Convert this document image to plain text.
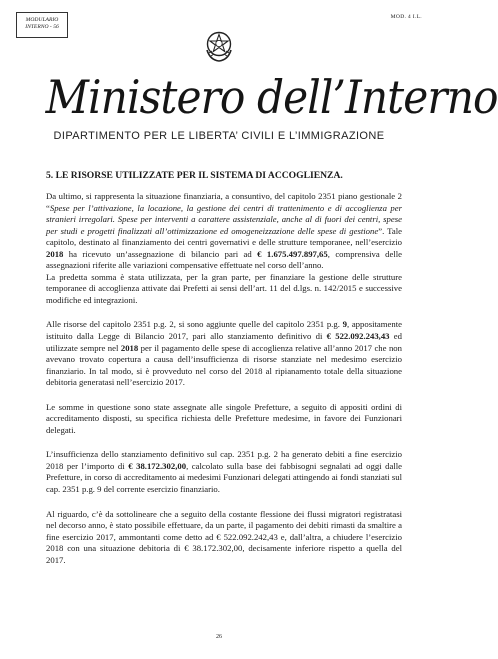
MODULARIO
INTERNO - 56
MOD. 4 I.L.
Ministero dell’Interno
DIPARTIMENTO PER LE LIBERTA’ CIVILI E L’IMMIGRAZIONE
5. LE RISORSE UTILIZZATE PER IL SISTEMA DI ACCOGLIENZA.

Da ultimo, si rappresenta la situazione finanziaria, a consuntivo, del capitolo 2351 piano gestionale 2 “Spese per l’attivazione, la locazione, la gestione dei centri di trattenimento e di accoglienza per stranieri irregolari. Spese per interventi a carattere assistenziale, anche al di fuori dei centri, spese per studi e progetti finalizzati all’ottimizzazione ed omogeneizzazione delle spese di gestione”. Tale capitolo, destinato al finanziamento dei centri governativi e delle strutture temporanee, nell’esercizio 2018 ha ricevuto un’assegnazione di bilancio pari ad € 1.675.497.897,65, comprensiva delle assegnazioni riferite alle variazioni compensative effettuate nel corso dell’anno.

La predetta somma è stata utilizzata, per la gran parte, per finanziare la gestione delle strutture temporanee di accoglienza attivate dai Prefetti ai sensi dell’art. 11 del d.lgs. n. 142/2015 e successive modifiche ed integrazioni.

Alle risorse del capitolo 2351 p.g. 2, si sono aggiunte quelle del capitolo 2351 p.g. 9, appositamente istituito dalla Legge di Bilancio 2017, pari allo stanziamento definitivo di € 522.092.243,43 ed utilizzate sempre nel 2018 per il pagamento delle spese di accoglienza relative all’anno 2017 che non avevano trovato copertura a causa dell’insufficienza di risorse stanziate nel medesimo esercizio finanziario. In tal modo, si è provveduto nel corso del 2018 al ripianamento totale della situazione debitoria generatasi nell’esercizio 2017.

Le somme in questione sono state assegnate alle singole Prefetture, a seguito di appositi ordini di accreditamento disposti, su specifica richiesta delle Prefetture medesime, in favore dei Funzionari delegati.

L’insufficienza dello stanziamento definitivo sul cap. 2351 p.g. 2 ha generato debiti a fine esercizio 2018 per l’importo di € 38.172.302,00, calcolato sulla base dei fabbisogni segnalati ad oggi dalle Prefetture, in corso di accreditamento ai medesimi Funzionari delegati attingendo ai fondi stanziati sul cap. 2351 p.g. 9 del corrente esercizio finanziario.

Al riguardo, c’è da sottolineare che a seguito della costante flessione dei flussi migratori registratasi nel decorso anno, è stato possibile effettuare, da un parte, il pagamento dei debiti rimasti da smaltire a fine esercizio 2017, ammontanti come detto ad € 522.092.242,43 e, dall’altra, a chiudere l’esercizio 2018 con una situazione debitoria di € 38.172.302,00, decisamente inferiore rispetto a quella del 2017.

26
